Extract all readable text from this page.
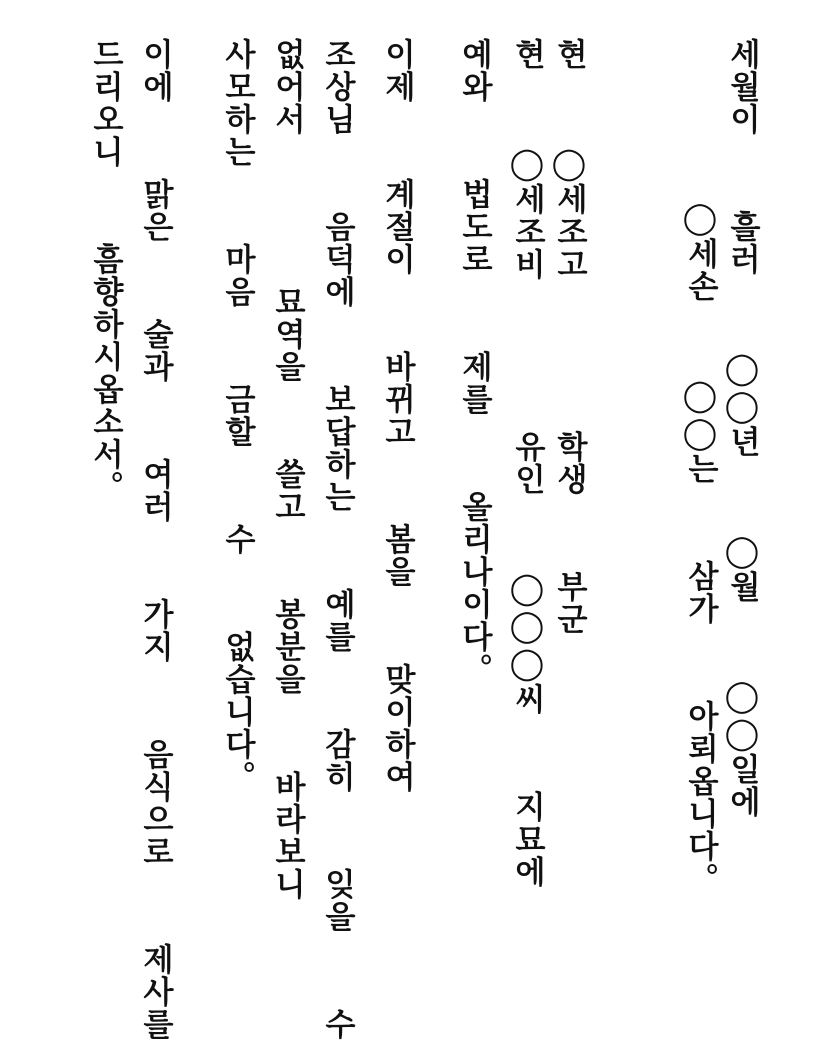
세월이  흘러  ◯◯년  ◯월  ◯◯일에
◯세손  ◯◯는  삼가  아뢰옵니다。
현  ◯세조고    학생  부군
현  ◯세조비    유인  ◯◯◯씨  지묘에
예와  법도로  제를  올리나이다。
이제  계절이  바뀌고  봄을  맞이하여
조상님  음덕에  보답하는  예를  감히  잊을  수
없어서    묘역을  쓸고  봉분을  바라보니
사모하는  마음  금할  수  없습니다。
이에  맑은  술과  여러  가지  음식으로  제사를
드리오니  흠향하시옵소서。
